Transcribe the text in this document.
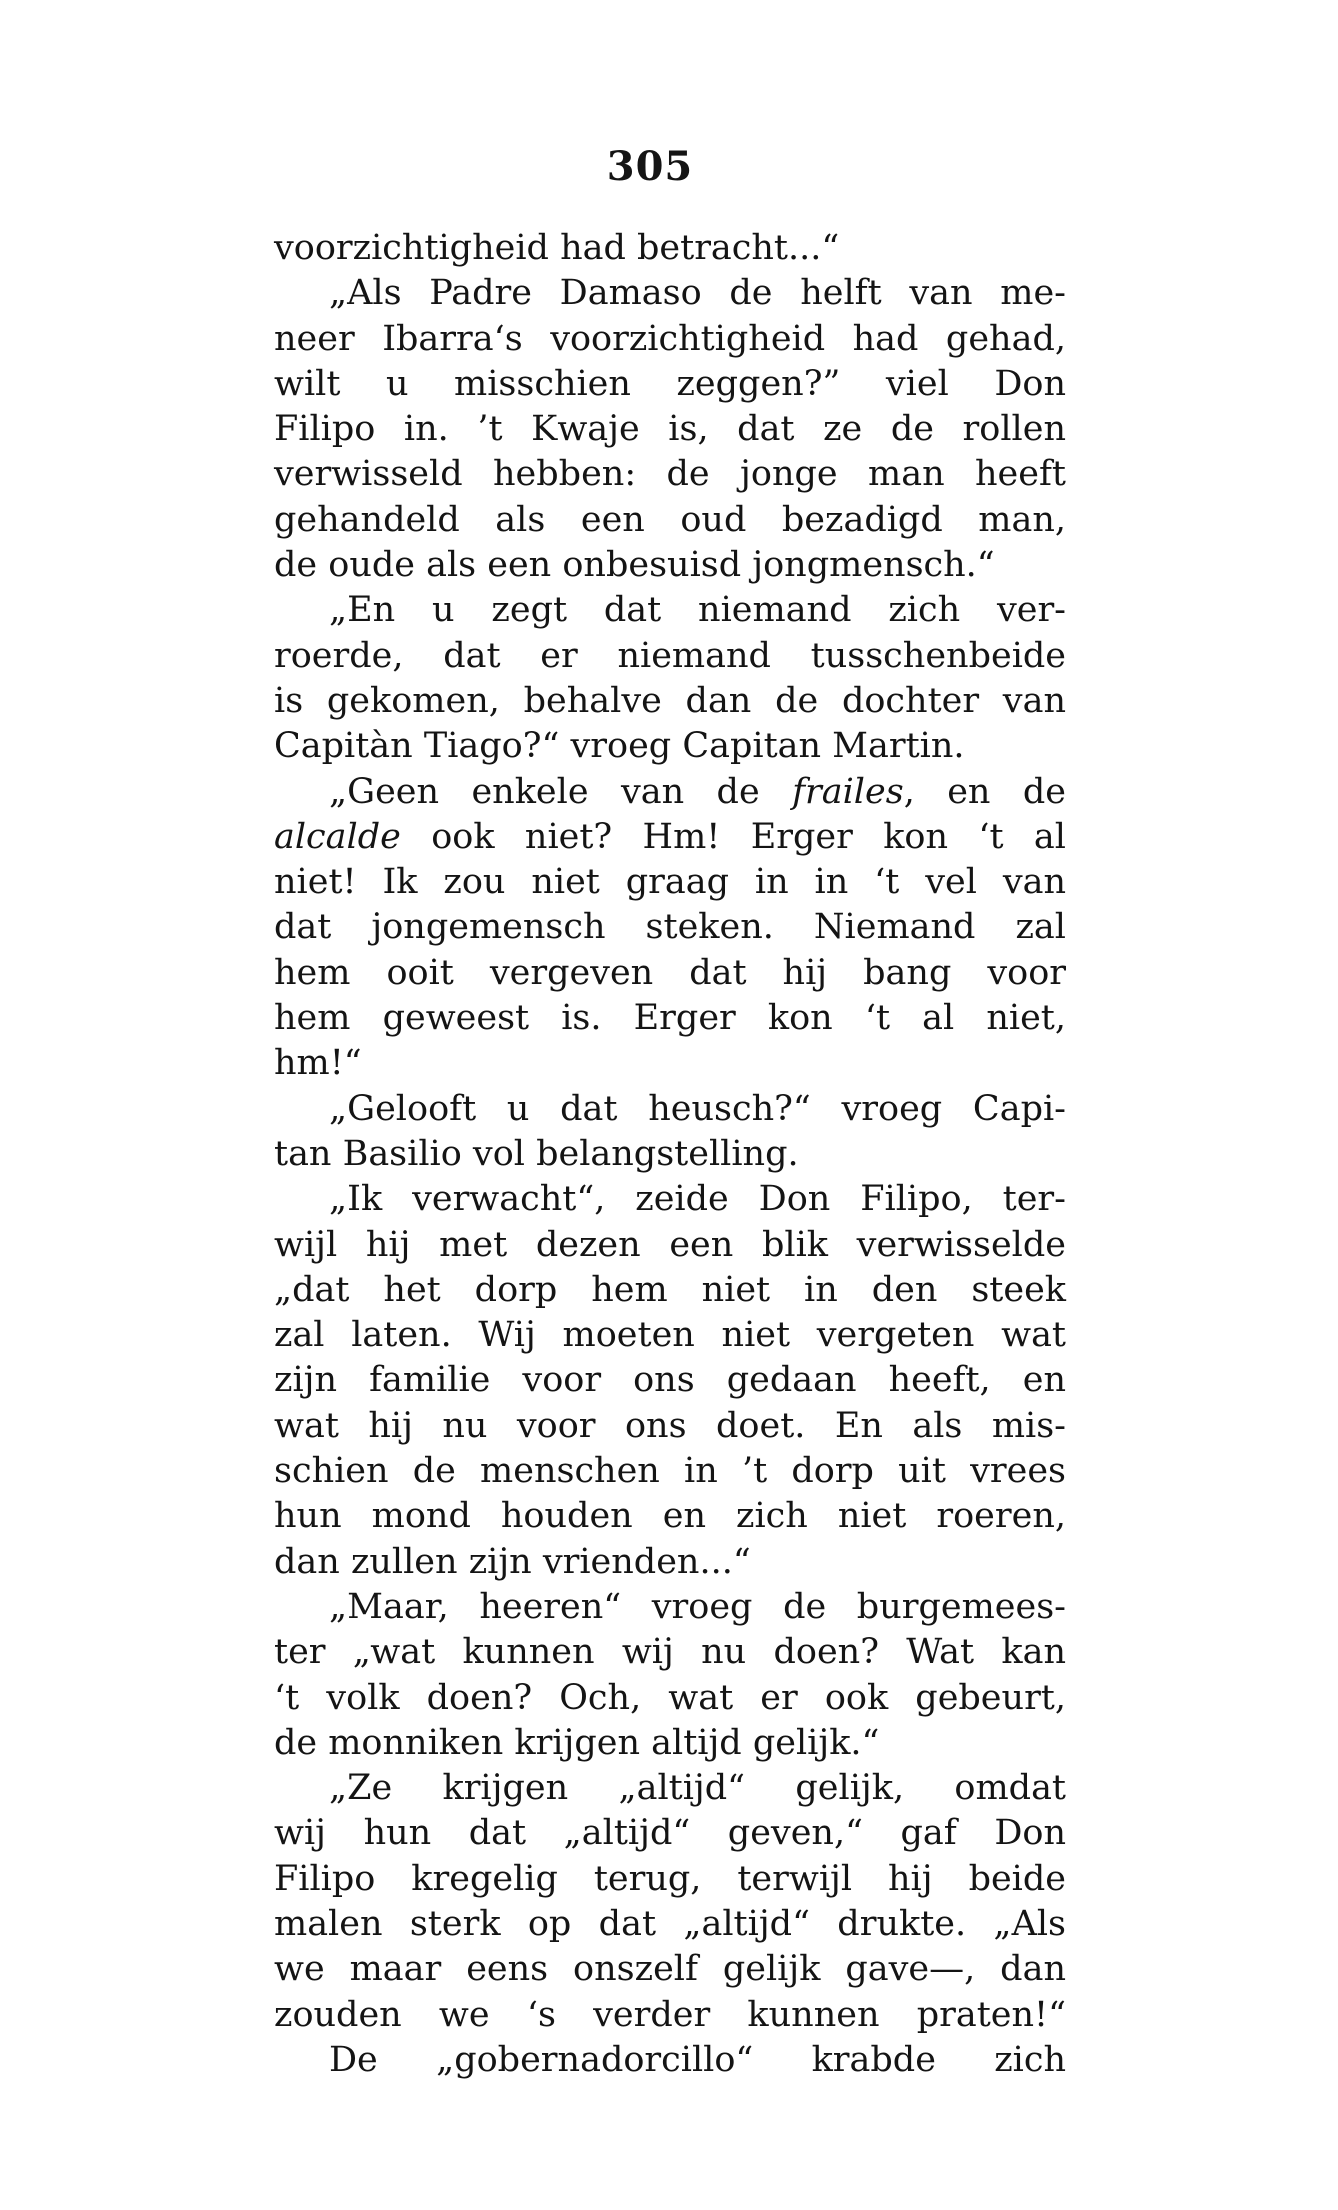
305
voorzichtigheid had betracht...“
„Als Padre Damaso de helft van me-
neer Ibarra‘s voorzichtigheid had gehad,
wilt u misschien zeggen?” viel Don
Filipo in. ’t Kwaje is, dat ze de rollen
verwisseld hebben: de jonge man heeft
gehandeld als een oud bezadigd man,
de oude als een onbesuisd jongmensch.“
„En u zegt dat niemand zich ver-
roerde, dat er niemand tusschenbeide
is gekomen, behalve dan de dochter van
Capitàn Tiago?“ vroeg Capitan Martin.
„Geen enkele van de frailes, en de
alcalde ook niet? Hm! Erger kon ‘t al
niet! Ik zou niet graag in in ‘t vel van
dat jongemensch steken. Niemand zal
hem ooit vergeven dat hij bang voor
hem geweest is. Erger kon ‘t al niet,
hm!“
„Gelooft u dat heusch?“ vroeg Capi-
tan Basilio vol belangstelling.
„Ik verwacht“, zeide Don Filipo, ter-
wijl hij met dezen een blik verwisselde
„dat het dorp hem niet in den steek
zal laten. Wij moeten niet vergeten wat
zijn familie voor ons gedaan heeft, en
wat hij nu voor ons doet. En als mis-
schien de menschen in ’t dorp uit vrees
hun mond houden en zich niet roeren,
dan zullen zijn vrienden...“
„Maar, heeren“ vroeg de burgemees-
ter „wat kunnen wij nu doen? Wat kan
‘t volk doen? Och, wat er ook gebeurt,
de monniken krijgen altijd gelijk.“
„Ze krijgen „altijd“ gelijk, omdat
wij hun dat „altijd“ geven,“ gaf Don
Filipo kregelig terug, terwijl hij beide
malen sterk op dat „altijd“ drukte. „Als
we maar eens onszelf gelijk gave—, dan
zouden we ‘s verder kunnen praten!“
De „gobernadorcillo“ krabde zich
